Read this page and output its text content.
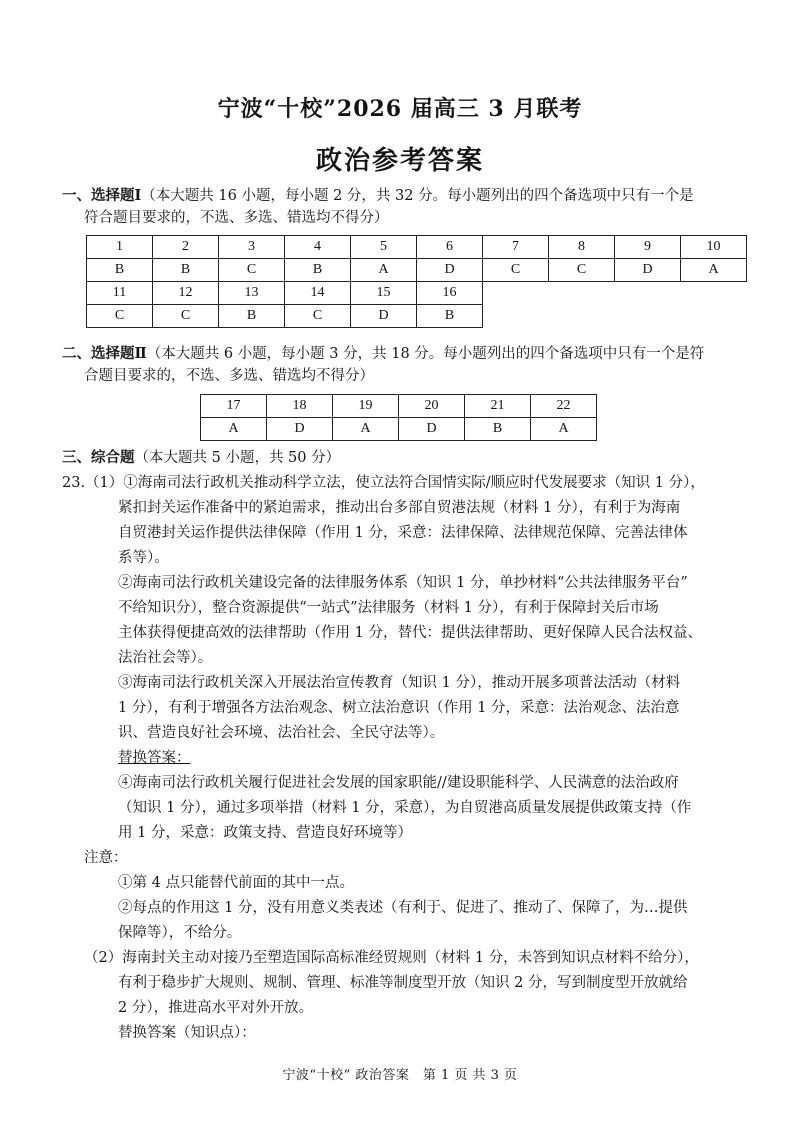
宁波“十校”2026 届高三 3 月联考
政治参考答案
一、选择题Ⅰ（本大题共 16 小题，每小题 2 分，共 32 分。每小题列出的四个备选项中只有一个是
符合题目要求的，不选、多选、错选均不得分）
1	2	3	4	5	6	7	8	9	10
B	B	C	B	A	D	C	C	D	A
11	12	13	14	15	16				
C	C	B	C	D	B				
二、选择题Ⅱ（本大题共 6 小题，每小题 3 分，共 18 分。每小题列出的四个备选项中只有一个是符
合题目要求的，不选、多选、错选均不得分）
17	18	19	20	21	22
A	D	A	D	B	A
三、综合题（本大题共 5 小题，共 50 分）
23.（1）①海南司法行政机关推动科学立法，使立法符合国情实际/顺应时代发展要求（知识 1 分），
紧扣封关运作准备中的紧迫需求，推动出台多部自贸港法规（材料 1 分），有利于为海南
自贸港封关运作提供法律保障（作用 1 分，采意：法律保障、法律规范保障、完善法律体
系等）。
②海南司法行政机关建设完备的法律服务体系（知识 1 分，单抄材料“公共法律服务平台”
不给知识分），整合资源提供“一站式”法律服务（材料 1 分），有利于保障封关后市场
主体获得便捷高效的法律帮助（作用 1 分，替代：提供法律帮助、更好保障人民合法权益、
法治社会等）。
③海南司法行政机关深入开展法治宣传教育（知识 1 分），推动开展多项普法活动（材料
1 分），有利于增强各方法治观念、树立法治意识（作用 1 分，采意：法治观念、法治意
识、营造良好社会环境、法治社会、全民守法等）。
替换答案：
④海南司法行政机关履行促进社会发展的国家职能//建设职能科学、人民满意的法治政府
（知识 1 分），通过多项举措（材料 1 分，采意），为自贸港高质量发展提供政策支持（作
用 1 分，采意：政策支持、营造良好环境等）
注意：
①第 4 点只能替代前面的其中一点。
②每点的作用这 1 分，没有用意义类表述（有利于、促进了、推动了、保障了，为…提供
保障等），不给分。
（2）海南封关主动对接乃至塑造国际高标准经贸规则（材料 1 分，未答到知识点材料不给分），
有利于稳步扩大规则、规制、管理、标准等制度型开放（知识 2 分，写到制度型开放就给
2 分），推进高水平对外开放。
替换答案（知识点）：
宁波“十校” 政治答案　第 1 页 共 3 页
